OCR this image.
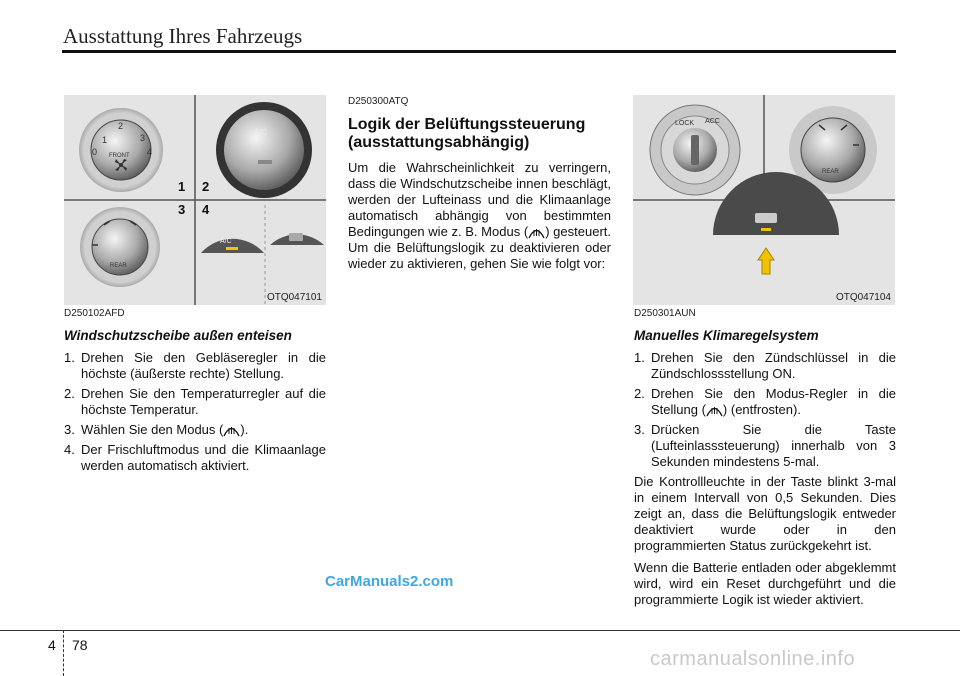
Ausstattung Ihres Fahrzeugs
1
2
3
0	4
FRONT
A/C
1 2
3 4
REAR
A/C
OTQ047101
LOCK ACC
REAR
OTQ047104
D250102AFD
Windschutzscheibe außen enteisen
1. Drehen Sie den Gebläseregler in die höchste (äußerste rechte) Stellung.
2. Drehen Sie den Temperaturregler auf die höchste Temperatur.
3. Wählen Sie den Modus ( ).
4. Der Frischluftmodus und die Klimaanlage werden automatisch aktiviert.
D250300ATQ
Logik der Belüftungssteuerung (ausstattungsabhängig)

Um die Wahrscheinlichkeit zu verringern, dass die Windschutzscheibe innen beschlägt, werden der Lufteinass und die Klimaanlage automatisch abhängig von bestimmten Bedingungen wie z. B. Modus ( ) gesteuert. Um die Belüftungslogik zu deaktivieren oder wieder zu aktivieren, gehen Sie wie folgt vor:

D250301AUN
Manuelles Klimaregelsystem
1. Drehen Sie den Zündschlüssel in die Zündschlossstellung ON.
2. Drehen Sie den Modus-Regler in die Stellung ( ) (entfrosten).
3. Drücken Sie die Taste (Lufteinlasssteuerung) innerhalb von 3 Sekunden mindestens 5-mal.

Die Kontrollleuchte in der Taste blinkt 3-mal in einem Intervall von 0,5 Sekunden. Dies zeigt an, dass die Belüftungslogik entweder deaktiviert wurde oder in den programmierten Status zurückgekehrt ist.

Wenn die Batterie entladen oder abgeklemmt wird, wird ein Reset durchgeführt und die programmierte Logik ist wieder aktiviert.

CarManuals2.com
4 78
carmanualsonline.info
